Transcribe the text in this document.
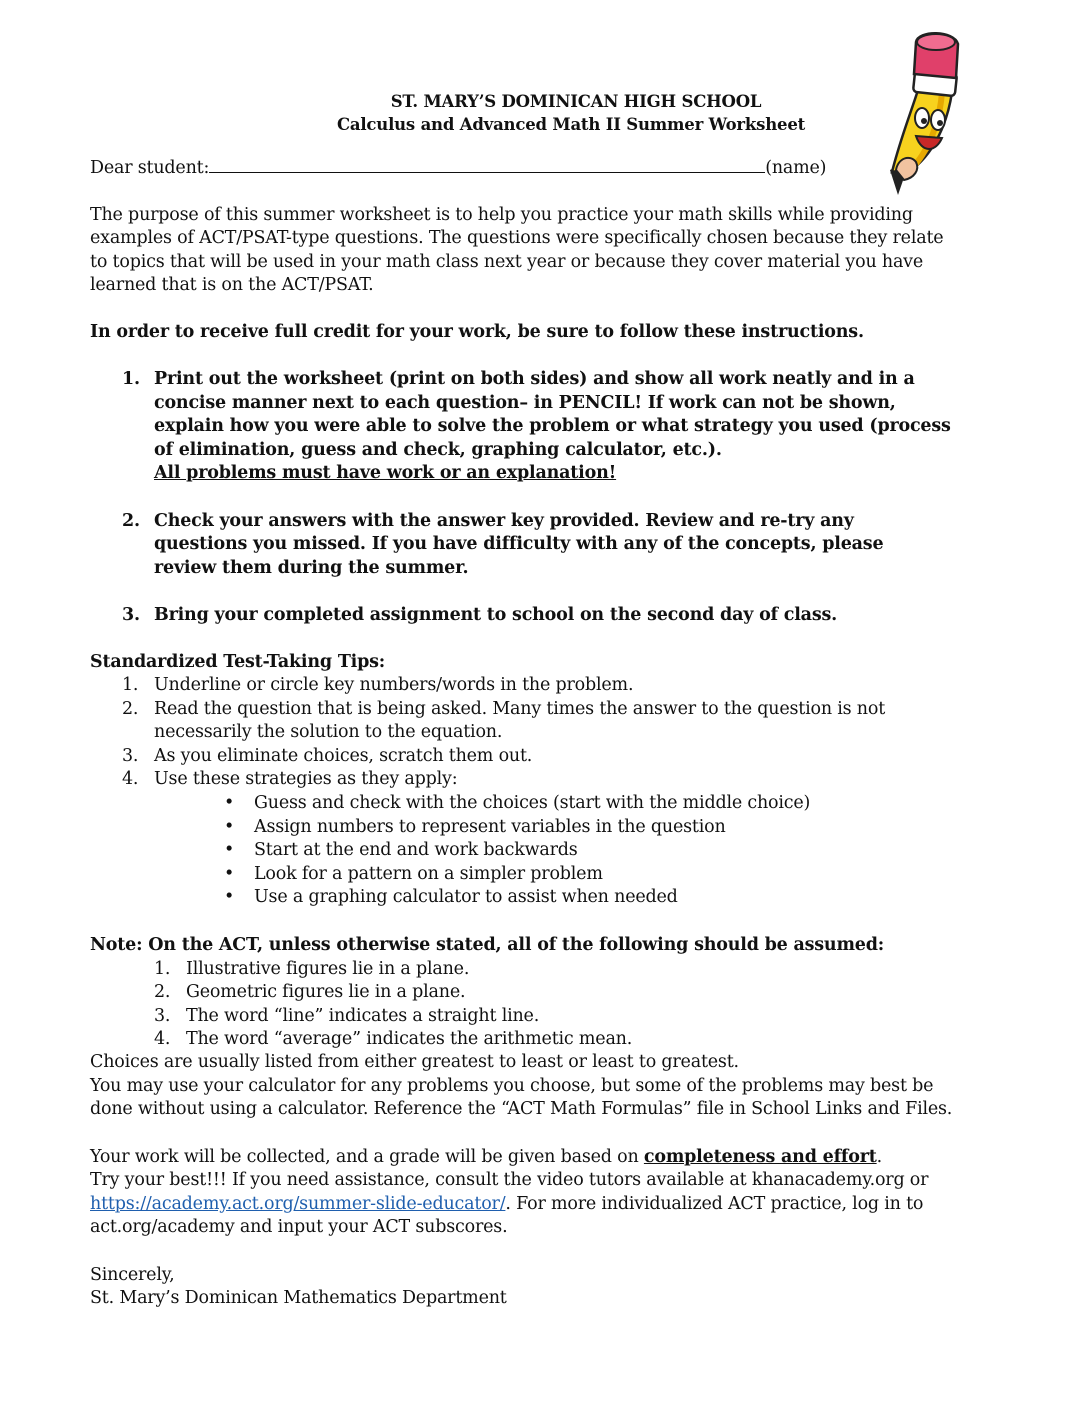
ST. MARY’S DOMINICAN HIGH SCHOOL
Calculus and Advanced Math II Summer Worksheet
Dear student:	(name)
The purpose of this summer worksheet is to help you practice your math skills while providing
examples of ACT/PSAT-type questions. The questions were specifically chosen because they relate
to topics that will be used in your math class next year or because they cover material you have
learned that is on the ACT/PSAT.
In order to receive full credit for your work, be sure to follow these instructions.
1. Print out the worksheet (print on both sides) and show all work neatly and in a
concise manner next to each question– in PENCIL! If work can not be shown,
explain how you were able to solve the problem or what strategy you used (process
of elimination, guess and check, graphing calculator, etc.).
All problems must have work or an explanation!
2. Check your answers with the answer key provided. Review and re-try any
questions you missed. If you have difficulty with any of the concepts, please
review them during the summer.
3. Bring your completed assignment to school on the second day of class.
Standardized Test-Taking Tips:
1. Underline or circle key numbers/words in the problem.
2. Read the question that is being asked. Many times the answer to the question is not
necessarily the solution to the equation.
3. As you eliminate choices, scratch them out.
4. Use these strategies as they apply:
• Guess and check with the choices (start with the middle choice)
• Assign numbers to represent variables in the question
• Start at the end and work backwards
• Look for a pattern on a simpler problem
• Use a graphing calculator to assist when needed
Note: On the ACT, unless otherwise stated, all of the following should be assumed:
1. Illustrative figures lie in a plane.
2. Geometric figures lie in a plane.
3. The word “line” indicates a straight line.
4. The word “average” indicates the arithmetic mean.
Choices are usually listed from either greatest to least or least to greatest.
You may use your calculator for any problems you choose, but some of the problems may best be
done without using a calculator. Reference the “ACT Math Formulas” file in School Links and Files.
Your work will be collected, and a grade will be given based on completeness and effort.
Try your best!!! If you need assistance, consult the video tutors available at khanacademy.org or
https://academy.act.org/summer-slide-educator/. For more individualized ACT practice, log in to
act.org/academy and input your ACT subscores.
Sincerely,
St. Mary’s Dominican Mathematics Department
